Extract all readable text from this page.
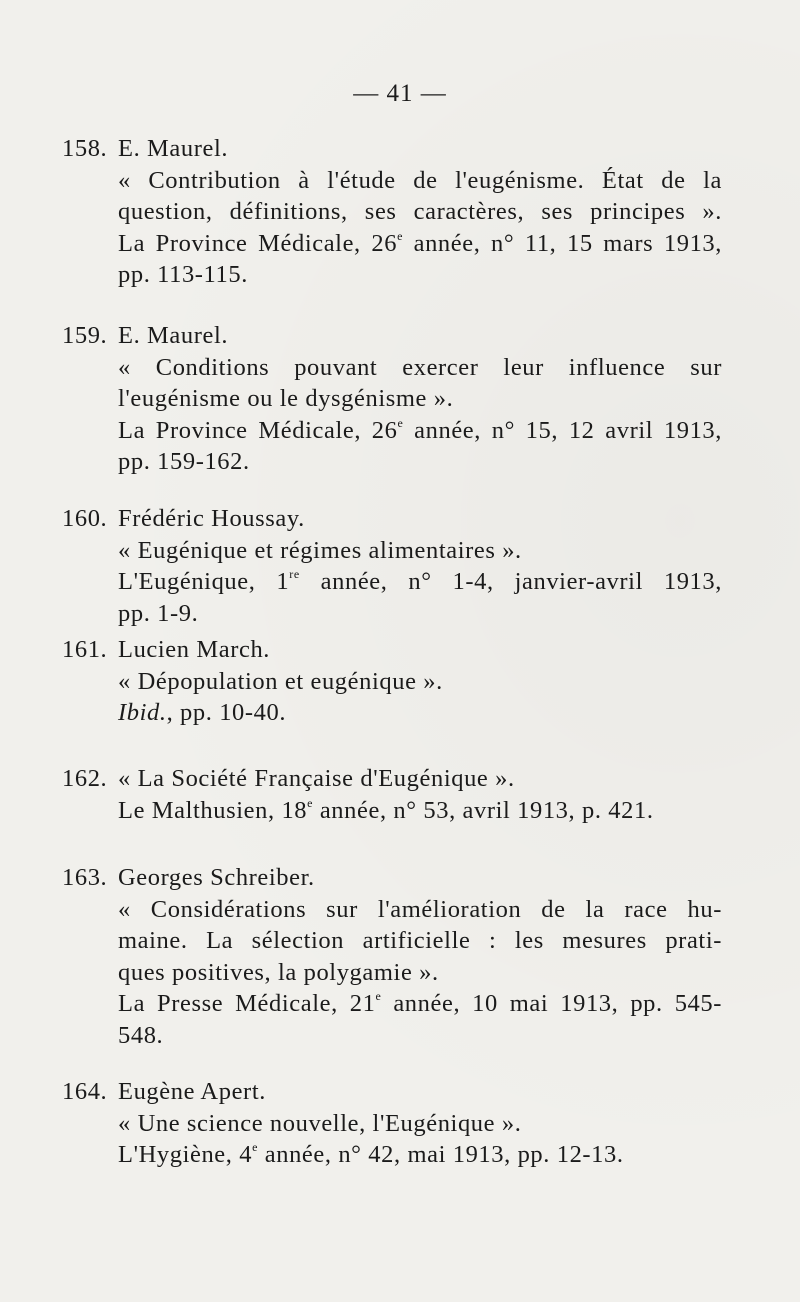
— 41 —
158. E. Maurel.
« Contribution à l'étude de l'eugénisme. État de la
question, définitions, ses caractères, ses principes ».
La Province Médicale, 26e année, n° 11, 15 mars 1913,
pp. 113-115.
159. E. Maurel.
« Conditions pouvant exercer leur influence sur
l'eugénisme ou le dysgénisme ».
La Province Médicale, 26e année, n° 15, 12 avril 1913,
pp. 159-162.
160. Frédéric Houssay.
« Eugénique et régimes alimentaires ».
L'Eugénique, 1re année, n° 1-4, janvier-avril 1913,
pp. 1-9.
161. Lucien March.
« Dépopulation et eugénique ».
Ibid., pp. 10-40.
162. « La Société Française d'Eugénique ».
Le Malthusien, 18e année, n° 53, avril 1913, p. 421.
163. Georges Schreiber.
« Considérations sur l'amélioration de la race hu-
maine. La sélection artificielle : les mesures prati-
ques positives, la polygamie ».
La Presse Médicale, 21e année, 10 mai 1913, pp. 545-
548.
164. Eugène Apert.
« Une science nouvelle, l'Eugénique ».
L'Hygiène, 4e année, n° 42, mai 1913, pp. 12-13.
